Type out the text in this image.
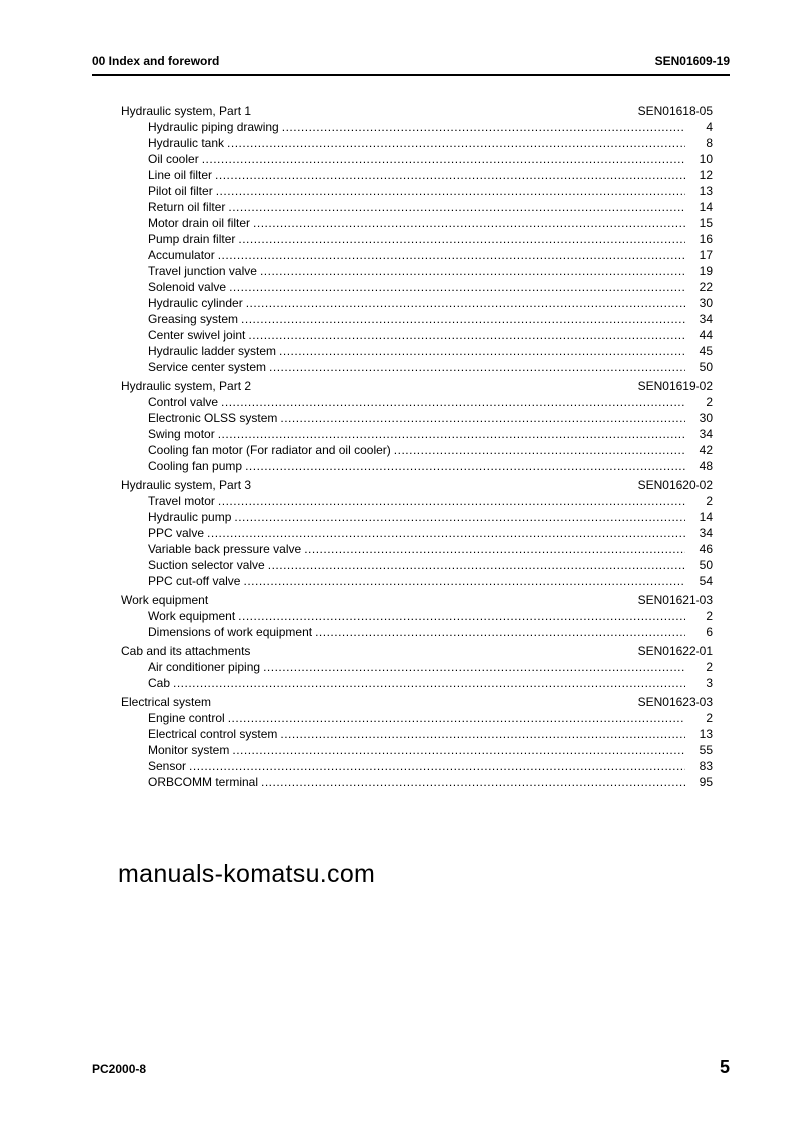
00 Index and foreword	SEN01609-19
Hydraulic system, Part 1	SEN01618-05
Hydraulic piping drawing .....	4
Hydraulic tank .....	8
Oil cooler .....	10
Line oil filter .....	12
Pilot oil filter .....	13
Return oil filter .....	14
Motor drain oil filter .....	15
Pump drain filter .....	16
Accumulator .....	17
Travel junction valve .....	19
Solenoid valve .....	22
Hydraulic cylinder .....	30
Greasing system .....	34
Center swivel joint .....	44
Hydraulic ladder system .....	45
Service center system .....	50
Hydraulic system, Part 2	SEN01619-02
Control valve .....	2
Electronic OLSS system .....	30
Swing motor .....	34
Cooling fan motor (For radiator and oil cooler) .....	42
Cooling fan pump .....	48
Hydraulic system, Part 3	SEN01620-02
Travel motor .....	2
Hydraulic pump .....	14
PPC valve .....	34
Variable back pressure valve .....	46
Suction selector valve .....	50
PPC cut-off valve .....	54
Work equipment	SEN01621-03
Work equipment .....	2
Dimensions of work equipment .....	6
Cab and its attachments	SEN01622-01
Air conditioner piping .....	2
Cab .....	3
Electrical system	SEN01623-03
Engine control .....	2
Electrical control system .....	13
Monitor system .....	55
Sensor .....	83
ORBCOMM terminal .....	95
manuals-komatsu.com
PC2000-8	5
